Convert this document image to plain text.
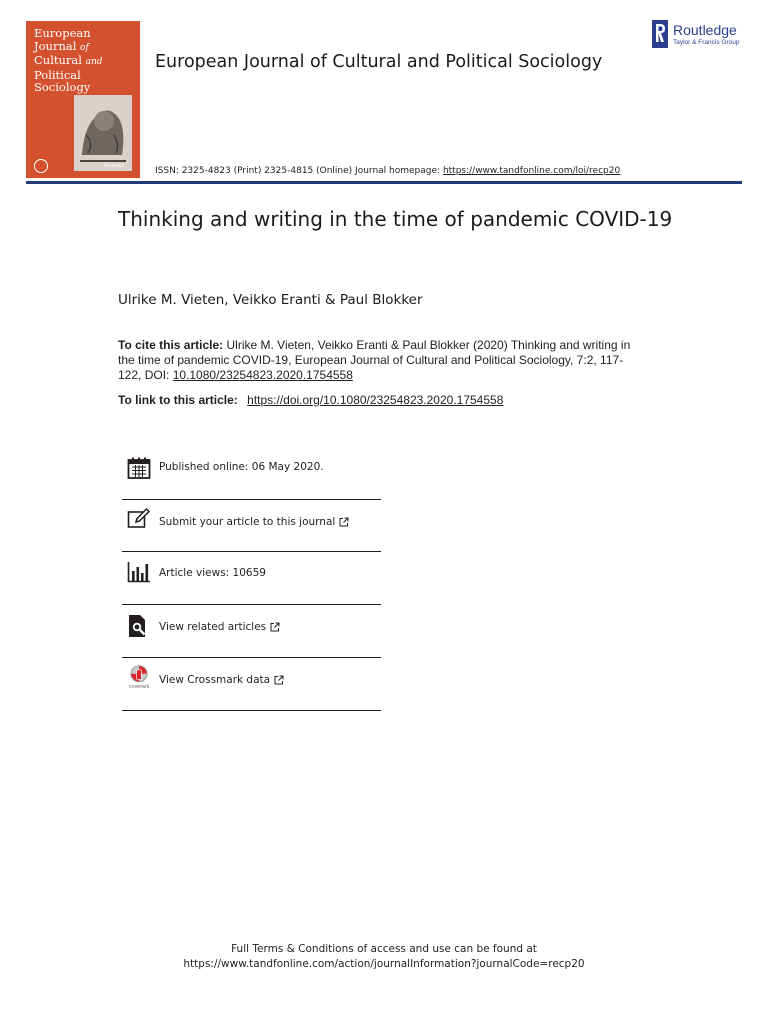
European
Journal of
Cultural and
Political
Sociology
Routledge
European Journal of Cultural and Political Sociology
Routledge
Taylor & Francis Group
ISSN: 2325-4823 (Print) 2325-4815 (Online) Journal homepage: https://www.tandfonline.com/loi/recp20
Thinking and writing in the time of pandemic COVID-19
Ulrike M. Vieten, Veikko Eranti & Paul Blokker
To cite this article: Ulrike M. Vieten, Veikko Eranti & Paul Blokker (2020) Thinking and writing in the time of pandemic COVID-19, European Journal of Cultural and Political Sociology, 7:2, 117-122, DOI: 10.1080/23254823.2020.1754558
To link to this article: https://doi.org/10.1080/23254823.2020.1754558
Published online: 06 May 2020.
Submit your article to this journal
Article views: 10659
View related articles
CrossMark
View Crossmark data
Full Terms & Conditions of access and use can be found at
https://www.tandfonline.com/action/journalInformation?journalCode=recp20
